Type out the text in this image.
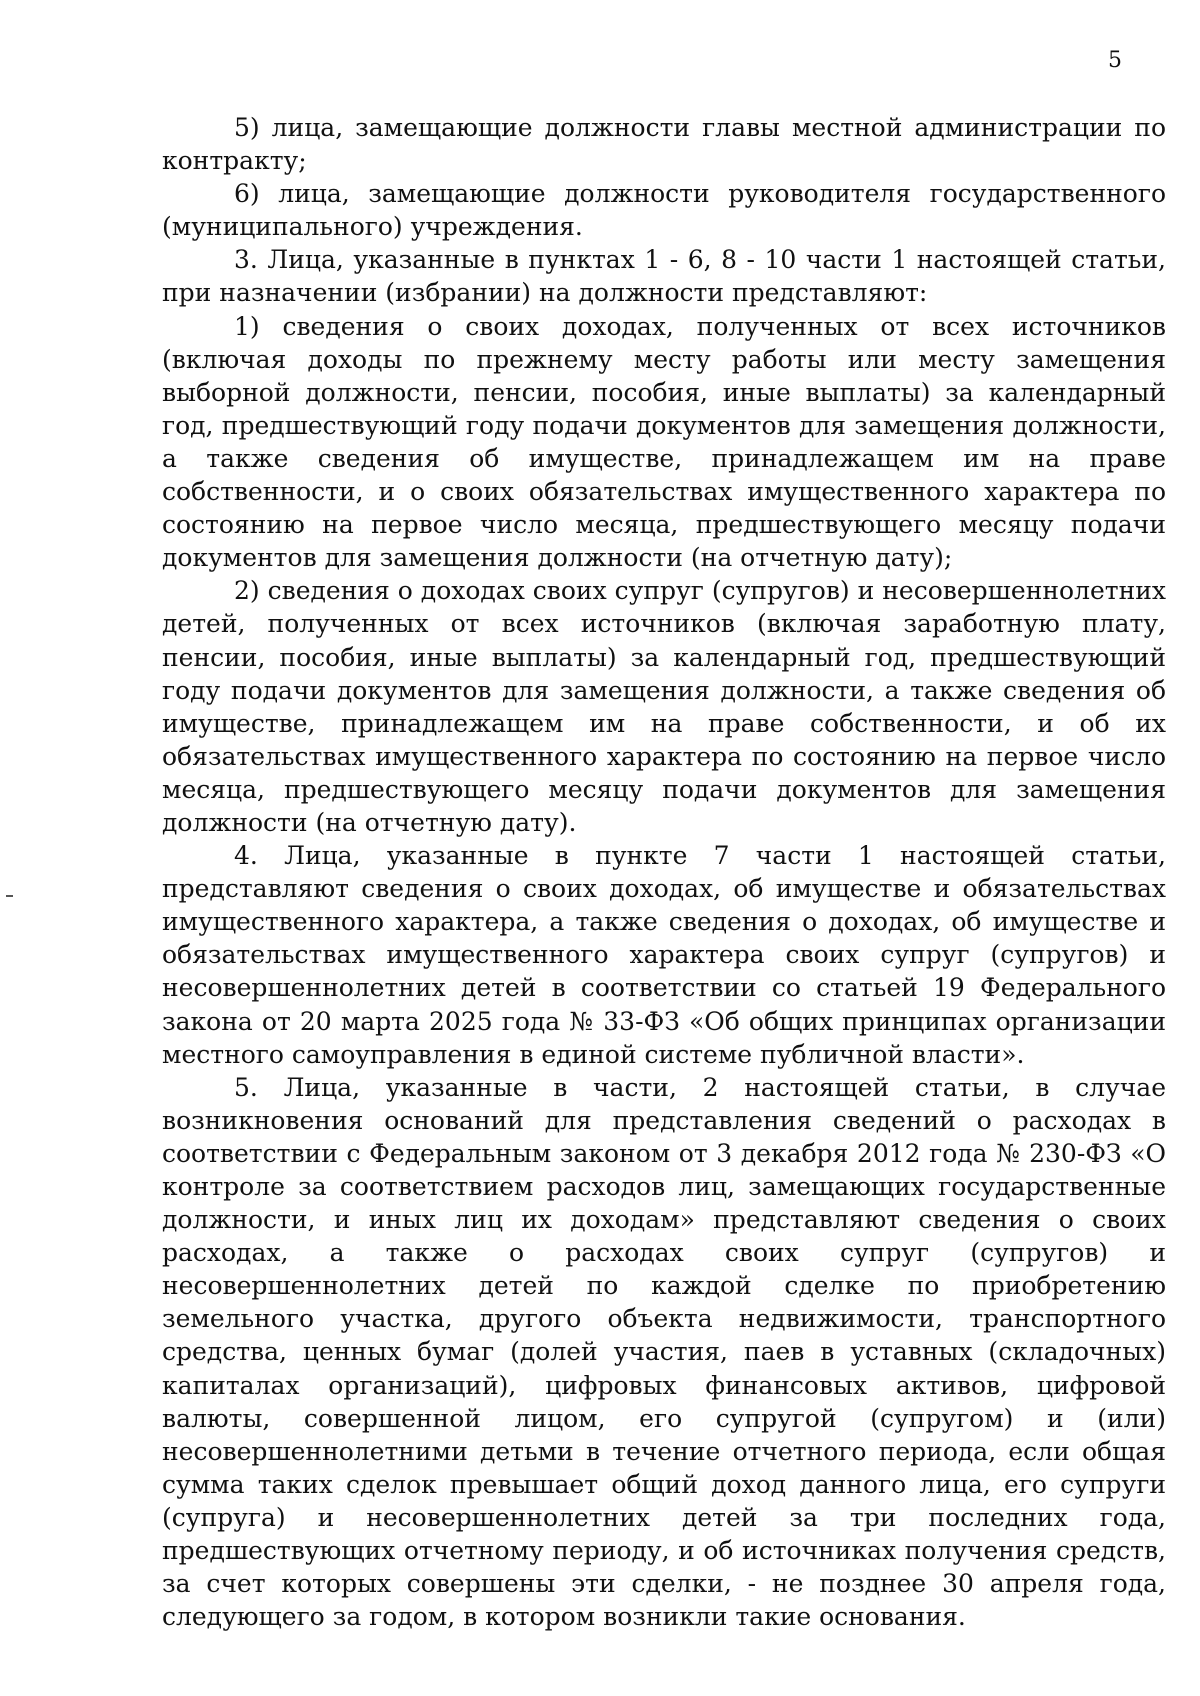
5

5) лица, замещающие должности главы местной администрации по контракту;

6) лица, замещающие должности руководителя государственного (муниципального) учреждения.

3. Лица, указанные в пунктах 1 - 6, 8 - 10 части 1 настоящей статьи, при назначении (избрании) на должности представляют:

1) сведения о своих доходах, полученных от всех источников (включая доходы по прежнему месту работы или месту замещения выборной должности, пенсии, пособия, иные выплаты) за календарный год, предшествующий году подачи документов для замещения должности, а также сведения об имуществе, принадлежащем им на праве собственности, и о своих обязательствах имущественного характера по состоянию на первое число месяца, предшествующего месяцу подачи документов для замещения должности (на отчетную дату);

2) сведения о доходах своих супруг (супругов) и несовершеннолетних детей, полученных от всех источников (включая заработную плату, пенсии, пособия, иные выплаты) за календарный год, предшествующий году подачи документов для замещения должности, а также сведения об имуществе, принадлежащем им на праве собственности, и об их обязательствах имущественного характера по состоянию на первое число месяца, предшествующего месяцу подачи документов для замещения должности (на отчетную дату).

4. Лица, указанные в пункте 7 части 1 настоящей статьи, представляют сведения о своих доходах, об имуществе и обязательствах имущественного характера, а также сведения о доходах, об имуществе и обязательствах имущественного характера своих супруг (супругов) и несовершеннолетних детей в соответствии со статьей 19 Федерального закона от 20 марта 2025 года № 33-ФЗ «Об общих принципах организации местного самоуправления в единой системе публичной власти».

5. Лица, указанные в части, 2 настоящей статьи, в случае возникновения оснований для представления сведений о расходах в соответствии с Федеральным законом от 3 декабря 2012 года № 230-ФЗ «О контроле за соответствием расходов лиц, замещающих государственные должности, и иных лиц их доходам» представляют сведения о своих расходах, а также о расходах своих супруг (супругов) и несовершеннолетних детей по каждой сделке по приобретению земельного участка, другого объекта недвижимости, транспортного средства, ценных бумаг (долей участия, паев в уставных (складочных) капиталах организаций), цифровых финансовых активов, цифровой валюты, совершенной лицом, его супругой (супругом) и (или) несовершеннолетними детьми в течение отчетного периода, если общая сумма таких сделок превышает общий доход данного лица, его супруги (супруга) и несовершеннолетних детей за три последних года, предшествующих отчетному периоду, и об источниках получения средств, за счет которых совершены эти сделки, - не позднее 30 апреля года, следующего за годом, в котором возникли такие основания.
